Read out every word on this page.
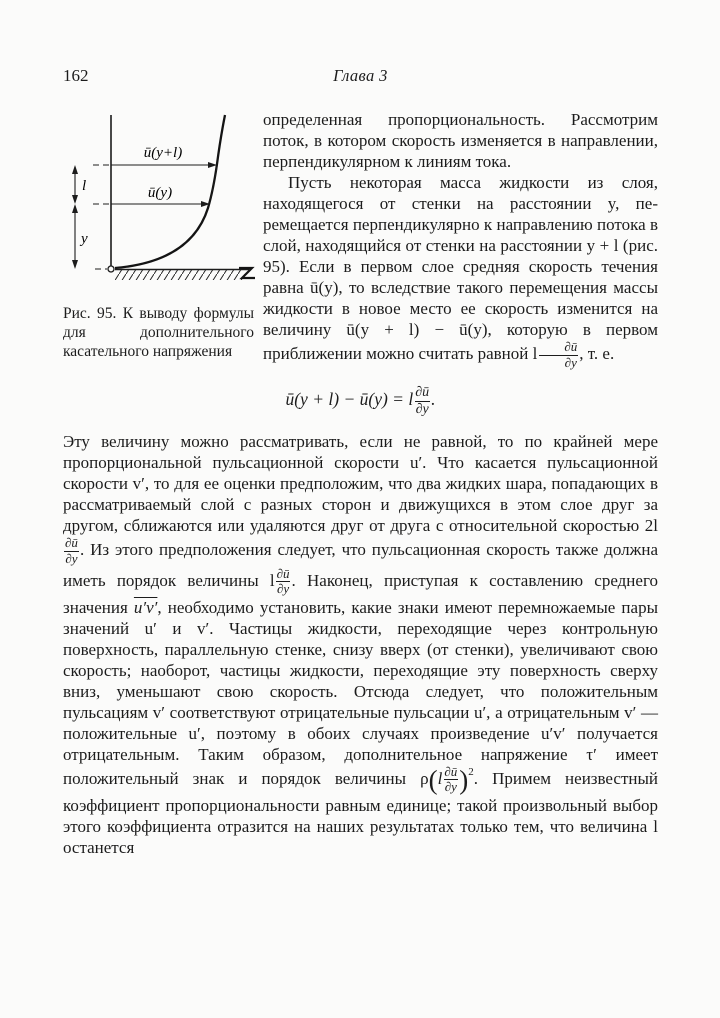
162	Глава 3
ū(y+l)
ū(y)
l
y
Рис. 95. К выводу формулы для дополнительного касательного напряжения

определенная пропорциональность. Рассмотрим поток, в котором скорость изменяется в направлении, перпендикулярном к линиям тока.

Пусть некоторая масса жидкости из слоя, находящегося от стенки на расстоянии y, перемещается перпендикулярно к направлению потока в слой, находящийся от стенки на расстоянии y + l (рис. 95). Если в первом слое средняя скорость течения равна ū(y), то вследствие такого перемещения массы жидкости в новое место ее скорость изменится на величину ū(y + l) − ū(y), которую в первом приближении можно считать равной l $\frac{\partial ū}{\partial y}$ , т. е.

ū(y + l) − ū(y) = l $\frac{\partial ū}{\partial y}$ .

Эту величину можно рассматривать, если не равной, то по крайней мере пропорциональной пульсационной скорости u′. Что касается пульсационной скорости v′, то для ее оценки предположим, что два жидких шара, попадающих в рассматриваемый слой с разных сторон и движущихся в этом слое друг за другом, сближаются или удаляются друг от друга с относительной скоростью 2l
$\frac{\partial ū}{\partial y}$ . Из этого предположения следует, что пульсационная скорость также должна иметь порядок величины l $\frac{\partial ū}{\partial y}$ . Наконец, приступая к составлению среднего значения u′v′, необходимо установить, какие знаки имеют перемножаемые пары значений u′ и v′. Частицы жидкости, переходящие через контрольную поверхность, параллельную стенке, снизу вверх (от стенки), увеличивают свою скорость; наоборот, частицы жидкости, переходящие эту поверхность сверху вниз, уменьшают свою скорость. Отсюда следует, что положительным пульсациям v′ соответствуют отрицательные пульсации u′, а отрицательным v′ — положительные u′, поэтому в обоих случаях произведение u′v′ получается отрицательным. Таким образом, дополнительное напряжение τ′ имеет положительный знак и порядок величины $\rho(l \frac{\partial ū}{\partial y} )^2$. Примем неизвестный коэффициент пропорциональности равным единице; такой произвольный выбор этого коэффициента отразится на наших результатах только тем, что величина l останется
